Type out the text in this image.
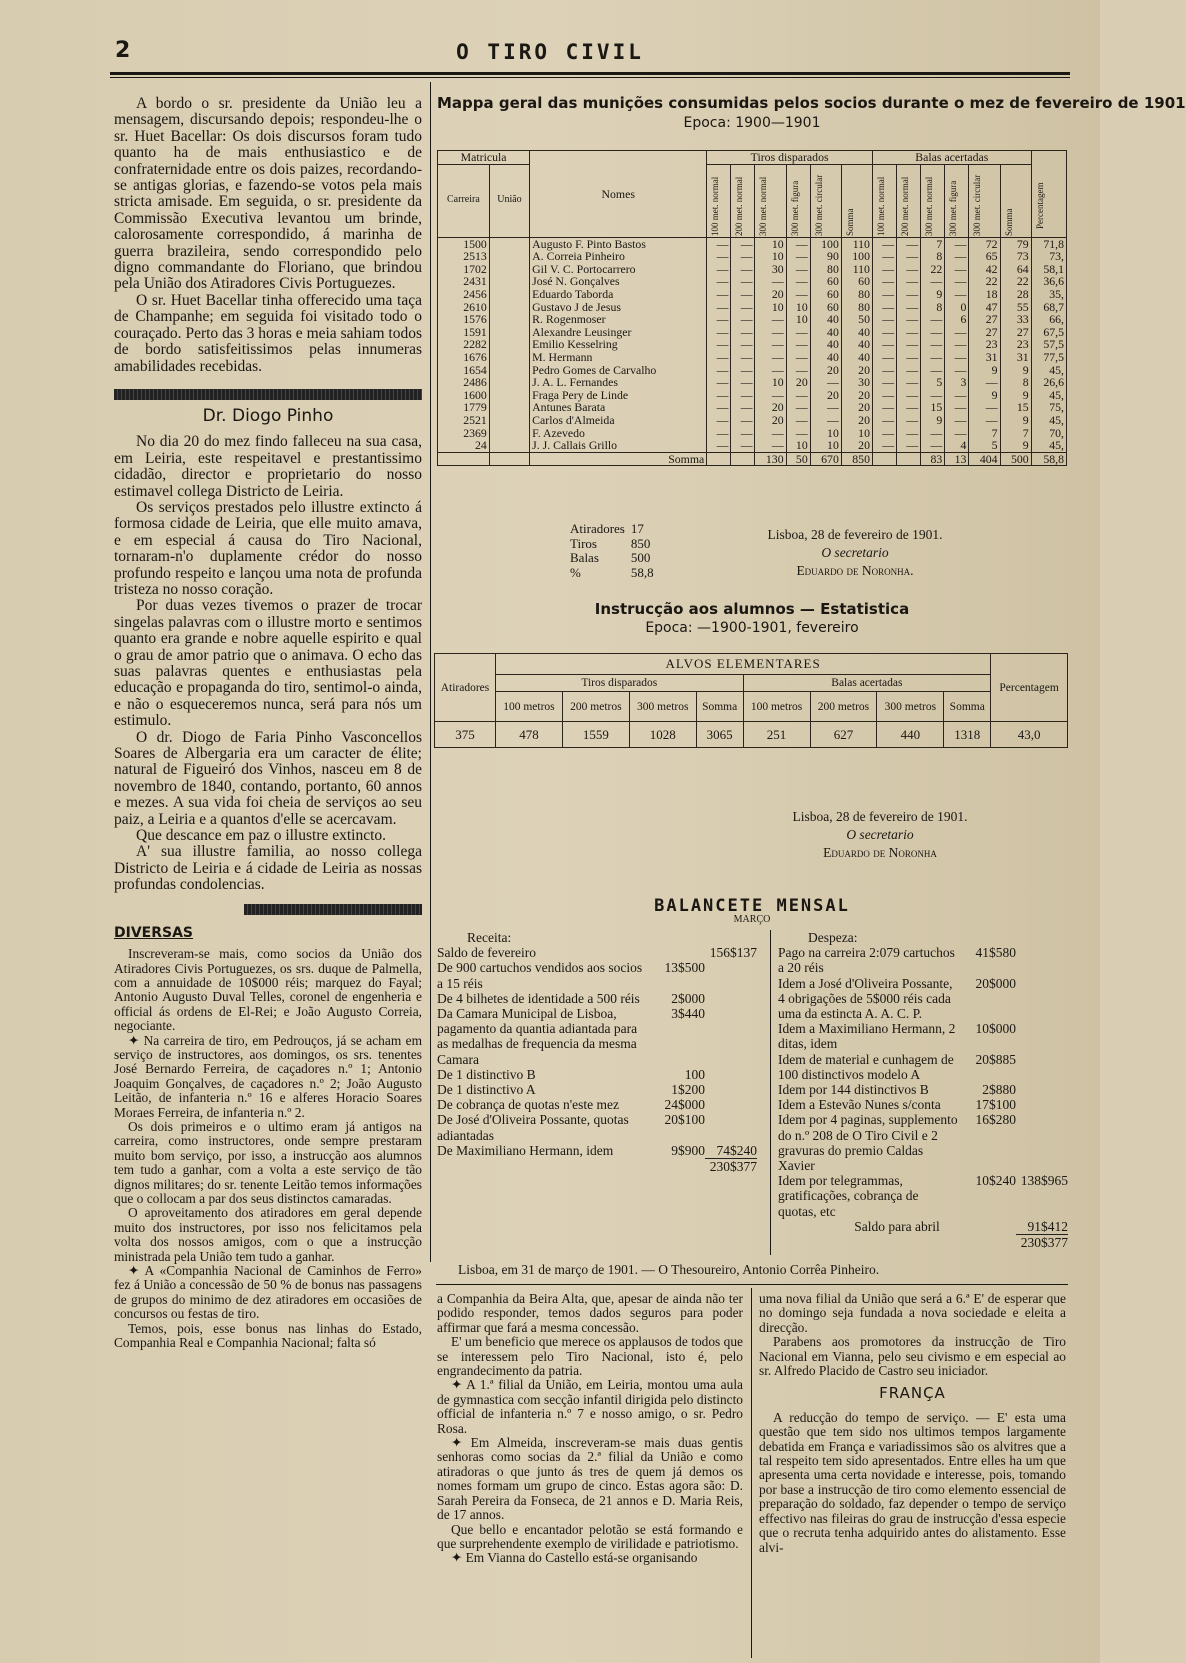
2	O TIRO CIVIL

A bordo o sr. presidente da União leu a mensagem, discursando depois; respondeu-lhe o sr. Huet Bacellar: Os dois discursos foram tudo quanto ha de mais enthusiastico e de confraternidade entre os dois paizes, recordando-se antigas glorias, e fazendo-se votos pela mais stricta amisade. Em seguida, o sr. presidente da Commissão Executiva levantou um brinde, calorosamente correspondido, á marinha de guerra brazileira, sendo correspondido pelo digno commandante do Floriano, que brindou pela União dos Atiradores Civis Portuguezes.

O sr. Huet Bacellar tinha offerecido uma taça de Champanhe; em seguida foi visitado todo o couraçado. Perto das 3 horas e meia sahiam todos de bordo satisfeitissimos pelas innumeras amabilidades recebidas.

Dr. Diogo Pinho

No dia 20 do mez findo falleceu na sua casa, em Leiria, este respeitavel e prestantissimo cidadão, director e proprietario do nosso estimavel collega Districto de Leiria.

Os serviços prestados pelo illustre extincto á formosa cidade de Leiria, que elle muito amava, e em especial á causa do Tiro Nacional, tornaram-n'o duplamente crédor do nosso profundo respeito e lançou uma nota de profunda tristeza no nosso coração.

Por duas vezes tivemos o prazer de trocar singelas palavras com o illustre morto e sentimos quanto era grande e nobre aquelle espirito e qual o grau de amor patrio que o animava. O echo das suas palavras quentes e enthusiastas pela educação e propaganda do tiro, sentimol-o ainda, e não o esqueceremos nunca, será para nós um estimulo.

O dr. Diogo de Faria Pinho Vasconcellos Soares de Albergaria era um caracter de élite; natural de Figueiró dos Vinhos, nasceu em 8 de novembro de 1840, contando, portanto, 60 annos e mezes. A sua vida foi cheia de serviços ao seu paiz, a Leiria e a quantos d'elle se acercavam.

Que descance em paz o illustre extincto.

A' sua illustre familia, ao nosso collega Districto de Leiria e á cidade de Leiria as nossas profundas condolencias.

DIVERSAS

Inscreveram-se mais, como socios da União dos Atiradores Civis Portuguezes, os srs. duque de Palmella, com a annuidade de 10$000 réis; marquez do Fayal; Antonio Augusto Duval Telles, coronel de engenheria e official ás ordens de El-Rei; e João Augusto Correia, negociante.

✦ Na carreira de tiro, em Pedrouços, já se acham em serviço de instructores, aos domingos, os srs. tenentes José Bernardo Ferreira, de caçadores n.º 1; Antonio Joaquim Gonçalves, de caçadores n.º 2; João Augusto Leitão, de infanteria n.º 16 e alferes Horacio Soares Moraes Ferreira, de infanteria n.º 2.

Os dois primeiros e o ultimo eram já antigos na carreira, como instructores, onde sempre prestaram muito bom serviço, por isso, a instrucção aos alumnos tem tudo a ganhar, com a volta a este serviço de tão dignos militares; do sr. tenente Leitão temos informações que o collocam a par dos seus distinctos camaradas.

O aproveitamento dos atiradores em geral depende muito dos instructores, por isso nos felicitamos pela volta dos nossos amigos, com o que a instrucção ministrada pela União tem tudo a ganhar.

✦ A «Companhia Nacional de Caminhos de Ferro» fez á União a concessão de 50 % de bonus nas passagens de grupos do minimo de dez atiradores em occasiões de concursos ou festas de tiro.

Temos, pois, esse bonus nas linhas do Estado, Companhia Real e Companhia Nacional; falta só

Mappa geral das munições consumidas pelos socios durante o mez de fevereiro de 1901
Epoca: 1900—1901
Matricula		Nomes	Tiros disparados						Balas acertadas						Percentagem

Carreira	União		100 met. normal	200 met. normal	300 met. normal	300 met. figura	300 met. circular	Somma	100 met. normal	200 met. normal	300 met. normal	300 met. figura	300 met. circular	Somma	

1500		Augusto F. Pinto Bastos	—	—	10	—	100	110	—	—	7	—	72	79	71,8
2513		A. Correia Pinheiro	—	—	10	—	90	100	—	—	8	—	65	73	73,
1702		Gil V. C. Portocarrero	—	—	30	—	80	110	—	—	22	—	42	64	58,1
2431		José N. Gonçalves	—	—	—	—	60	60	—	—	—	—	22	22	36,6
2456		Eduardo Taborda	—	—	20	—	60	80	—	—	9	—	18	28	35,
2610		Gustavo J de Jesus	—	—	10	10	60	80	—	—	8	0	47	55	68,7
1576		R. Rogenmoser	—	—	—	10	40	50	—	—	—	6	27	33	66,
1591		Alexandre Leusinger	—	—	—	—	40	40	—	—	—	—	27	27	67,5
2282		Emilio Kesselring	—	—	—	—	40	40	—	—	—	—	23	23	57,5
1676		M. Hermann	—	—	—	—	40	40	—	—	—	—	31	31	77,5
1654		Pedro Gomes de Carvalho	—	—	—	—	20	20	—	—	—	—	9	9	45,
2486		J. A. L. Fernandes	—	—	10	20	—	30	—	—	5	3	—	8	26,6
1600		Fraga Pery de Linde	—	—	—	—	20	20	—	—	—	—	9	9	45,
1779		Antunes Barata	—	—	20	—	—	20	—	—	15	—	—	15	75,
2521		Carlos d'Almeida	—	—	20	—	—	20	—	—	9	—	—	9	45,
2369		F. Azevedo	—	—	—	—	10	10	—	—	—	—	7	7	70,
24		J. J. Callais Grillo	—	—	—	10	10	20	—	—	—	4	5	9	45,
		Somma			130	50	670	850			83	13	404	500	58,8
Atiradores	17
Tiros	850
Balas	500
%	58,8
Lisboa, 28 de fevereiro de 1901.
O secretario
Eduardo de Noronha.
Instrucção aos alumnos — Estatistica
Epoca: —1900-1901, fevereiro
Atiradores	ALVOS ELEMENTARES								Percentagem
	Tiros disparados				Balas acertadas				
	100 metros	200 metros	300 metros	Somma	100 metros	200 metros	300 metros	Somma	
375	478	1559	1028	3065	251	627	440	1318	43,0
Lisboa, 28 de fevereiro de 1901.
O secretario
Eduardo de Noronha
BALANCETE MENSAL
MARÇO
Receita:
Saldo de fevereiro	156$137
De 900 cartuchos vendidos aos socios a 15 réis
13$500
De 4 bilhetes de identidade a 500 réis	2$000
Da Camara Municipal de Lisboa, pagamento da quantia adiantada para as medalhas de frequencia da mesma Camara
3$440
De 1 distinctivo B	100
De 1 distinctivo A	1$200
De cobrança de quotas n'este mez	24$000
De José d'Oliveira Possante, quotas adiantadas
20$100
De Maximiliano Hermann, idem	9$900 74$240
230$377
Despeza:
Pago na carreira 2:079 cartuchos a 20 réis
41$580
Idem a José d'Oliveira Possante, 4 obrigações de 5$000 réis cada uma da estincta A. A. C. P.
20$000
Idem a Maximiliano Hermann, 2 ditas, idem
10$000
Idem de material e cunhagem de 100 distinctivos modelo A
20$885
Idem por 144 distinctivos B	2$880
Idem a Estevão Nunes s/conta	17$100
Idem por 4 paginas, supplemento do n.º 208 de O Tiro Civil e 2 gravuras do premio Caldas Xavier
16$280
Idem por telegrammas, gratificações, cobrança de quotas, etc
10$240 138$965
Saldo para abril	91$412
230$377
Lisboa, em 31 de março de 1901. — O Thesoureiro, Antonio Corrêa Pinheiro.

a Companhia da Beira Alta, que, apesar de ainda não ter podido responder, temos dados seguros para poder affirmar que fará a mesma concessão.

E' um beneficio que merece os applausos de todos que se interessem pelo Tiro Nacional, isto é, pelo engrandecimento da patria.

✦ A 1.ª filial da União, em Leiria, montou uma aula de gymnastica com secção infantil dirigida pelo distincto official de infanteria n.º 7 e nosso amigo, o sr. Pedro Rosa.

✦ Em Almeida, inscreveram-se mais duas gentis senhoras como socias da 2.ª filial da União e como atiradoras o que junto ás tres de quem já demos os nomes formam um grupo de cinco. Estas agora são: D. Sarah Pereira da Fonseca, de 21 annos e D. Maria Reis, de 17 annos.

Que bello e encantador pelotão se está formando e que surprehendente exemplo de virilidade e patriotismo.

✦ Em Vianna do Castello está-se organisando

uma nova filial da União que será a 6.ª E' de esperar que no domingo seja fundada a nova sociedade e eleita a direcção.

Parabens aos promotores da instrucção de Tiro Nacional em Vianna, pelo seu civismo e em especial ao sr. Alfredo Placido de Castro seu iniciador.

FRANÇA

A reducção do tempo de serviço. — E' esta uma questão que tem sido nos ultimos tempos largamente debatida em França e variadissimos são os alvitres que a tal respeito tem sido apresentados. Entre elles ha um que apresenta uma certa novidade e interesse, pois, tomando por base a instrucção de tiro como elemento essencial de preparação do soldado, faz depender o tempo de serviço effectivo nas fileiras do grau de instrucção d'essa especie que o recruta tenha adquirido antes do alistamento. Esse alvi-
